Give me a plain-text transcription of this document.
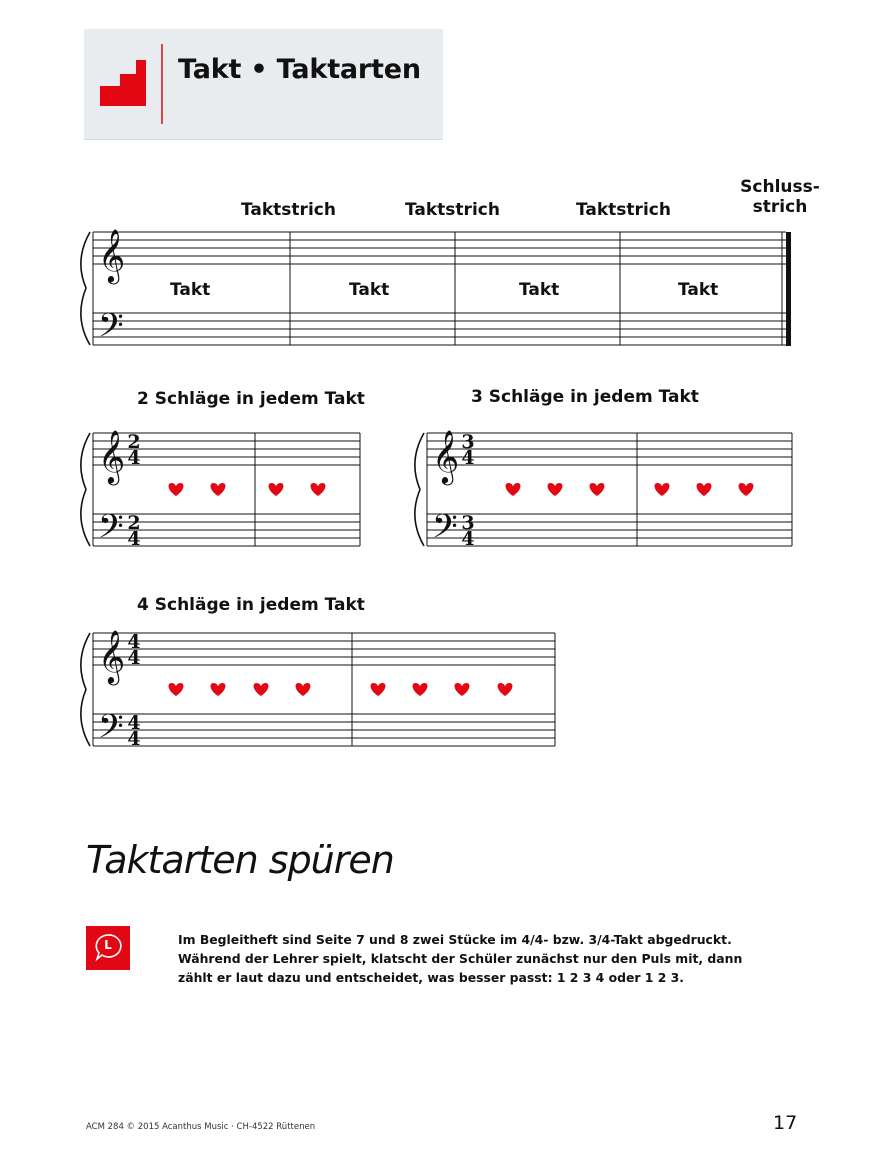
Takt • Taktarten
Taktstrich	Taktstrich	Taktstrich
Schluss-
strich
𝄞
𝄢
Takt	Takt	Takt	Takt
2 Schläge in jedem Takt	3 Schläge in jedem Takt
4 Schläge in jedem Takt
𝄞
𝄢
2
4
2
4
𝄞
𝄢
3
4
3
4
𝄞
𝄢
4
4
4
4
Taktarten spüren
L	Im Begleitheft sind Seite 7 und 8 zwei Stücke im 4/4- bzw. 3/4-Takt abgedruckt. Während der Lehrer spielt, klatscht der Schüler zunächst nur den Puls mit, dann zählt er laut dazu und entscheidet, was besser passt: 1 2 3 4 oder 1 2 3.
ACM 284 © 2015 Acanthus Music · CH-4522 Rüttenen	17
